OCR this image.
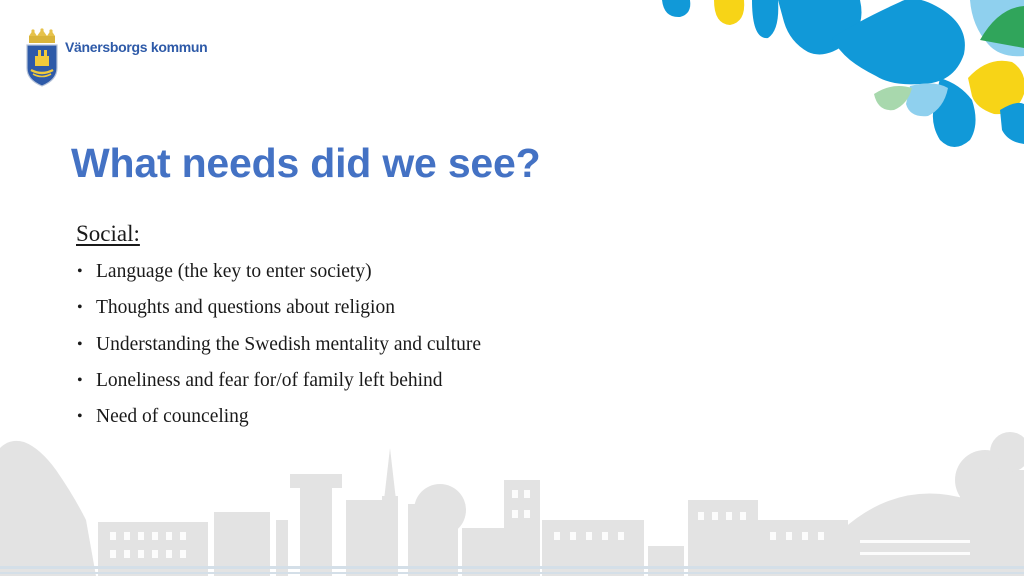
Vänersborgs kommun
What needs did we see?
Social:
• Language (the key to enter society)
• Thoughts and questions about religion
• Understanding the Swedish mentality and culture
• Loneliness and fear for/of family left behind
• Need of counceling
